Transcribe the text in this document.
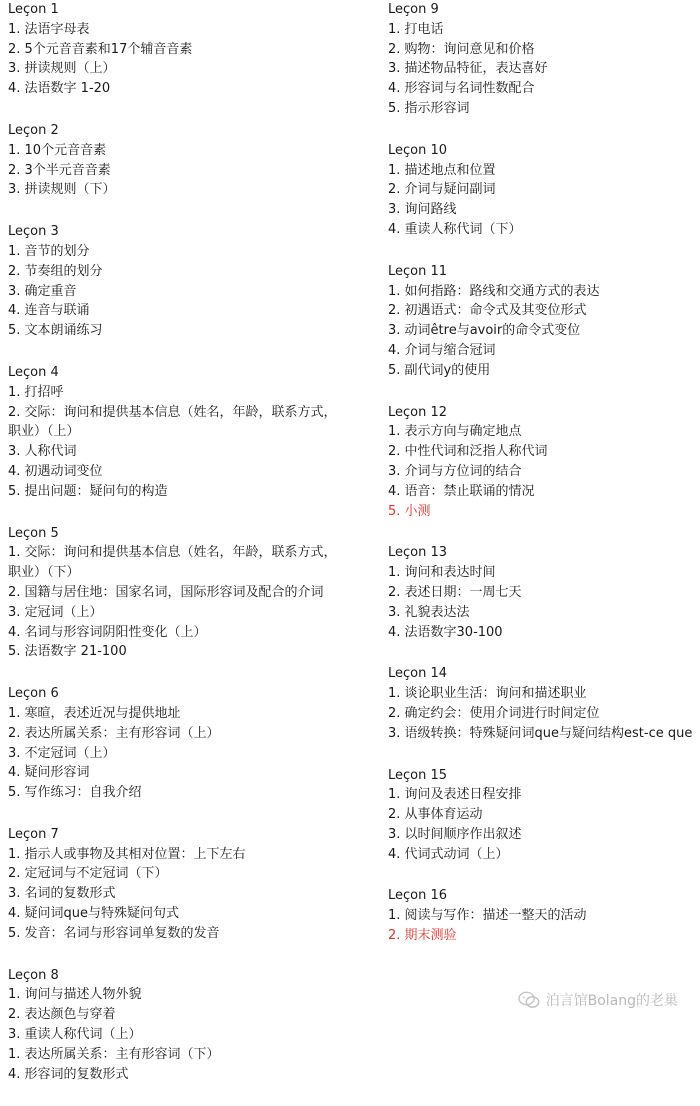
Leçon 1
1. 法语字母表
2. 5个元音音素和17个辅音音素
3. 拼读规则（上）
4. 法语数字 1-20
Leçon 2
1. 10个元音音素
2. 3个半元音音素
3. 拼读规则（下）
Leçon 3
1. 音节的划分
2. 节奏组的划分
3. 确定重音
4. 连音与联诵
5. 文本朗诵练习
Leçon 4
1. 打招呼
2. 交际：询问和提供基本信息（姓名，年龄，联系方式，
职业）（上）
3. 人称代词
4. 初遇动词变位
5. 提出问题：疑问句的构造
Leçon 5
1. 交际：询问和提供基本信息（姓名，年龄，联系方式，
职业）（下）
2. 国籍与居住地：国家名词，国际形容词及配合的介词
3. 定冠词（上）
4. 名词与形容词阴阳性变化（上）
5. 法语数字 21-100
Leçon 6
1. 寒暄，表述近况与提供地址
2. 表达所属关系：主有形容词（上）
3. 不定冠词（上）
4. 疑问形容词
5. 写作练习：自我介绍
Leçon 7
1. 指示人或事物及其相对位置：上下左右
2. 定冠词与不定冠词（下）
3. 名词的复数形式
4. 疑问词que与特殊疑问句式
5. 发音：名词与形容词单复数的发音
Leçon 8
1. 询问与描述人物外貌
2. 表达颜色与穿着
3. 重读人称代词（上）
1. 表达所属关系：主有形容词（下）
4. 形容词的复数形式
Leçon 9
1. 打电话
2. 购物：询问意见和价格
3. 描述物品特征，表达喜好
4. 形容词与名词性数配合
5. 指示形容词
Leçon 10
1. 描述地点和位置
2. 介词与疑问副词
3. 询问路线
4. 重读人称代词（下）
Leçon 11
1. 如何指路：路线和交通方式的表达
2. 初遇语式：命令式及其变位形式
3. 动词être与avoir的命令式变位
4. 介词与缩合冠词
5. 副代词y的使用
Leçon 12
1. 表示方向与确定地点
2. 中性代词和泛指人称代词
3. 介词与方位词的结合
4. 语音：禁止联诵的情况
5. 小测
Leçon 13
1. 询问和表达时间
2. 表述日期：一周七天
3. 礼貌表达法
4. 法语数字30-100
Leçon 14
1. 谈论职业生活：询问和描述职业
2. 确定约会：使用介词进行时间定位
3. 语级转换：特殊疑问词que与疑问结构est-ce que
Leçon 15
1. 询问及表述日程安排
2. 从事体育运动
3. 以时间顺序作出叙述
4. 代词式动词（上）
Leçon 16
1. 阅读与写作：描述一整天的活动
2. 期末测验
泊言馆Bolang的老巢
